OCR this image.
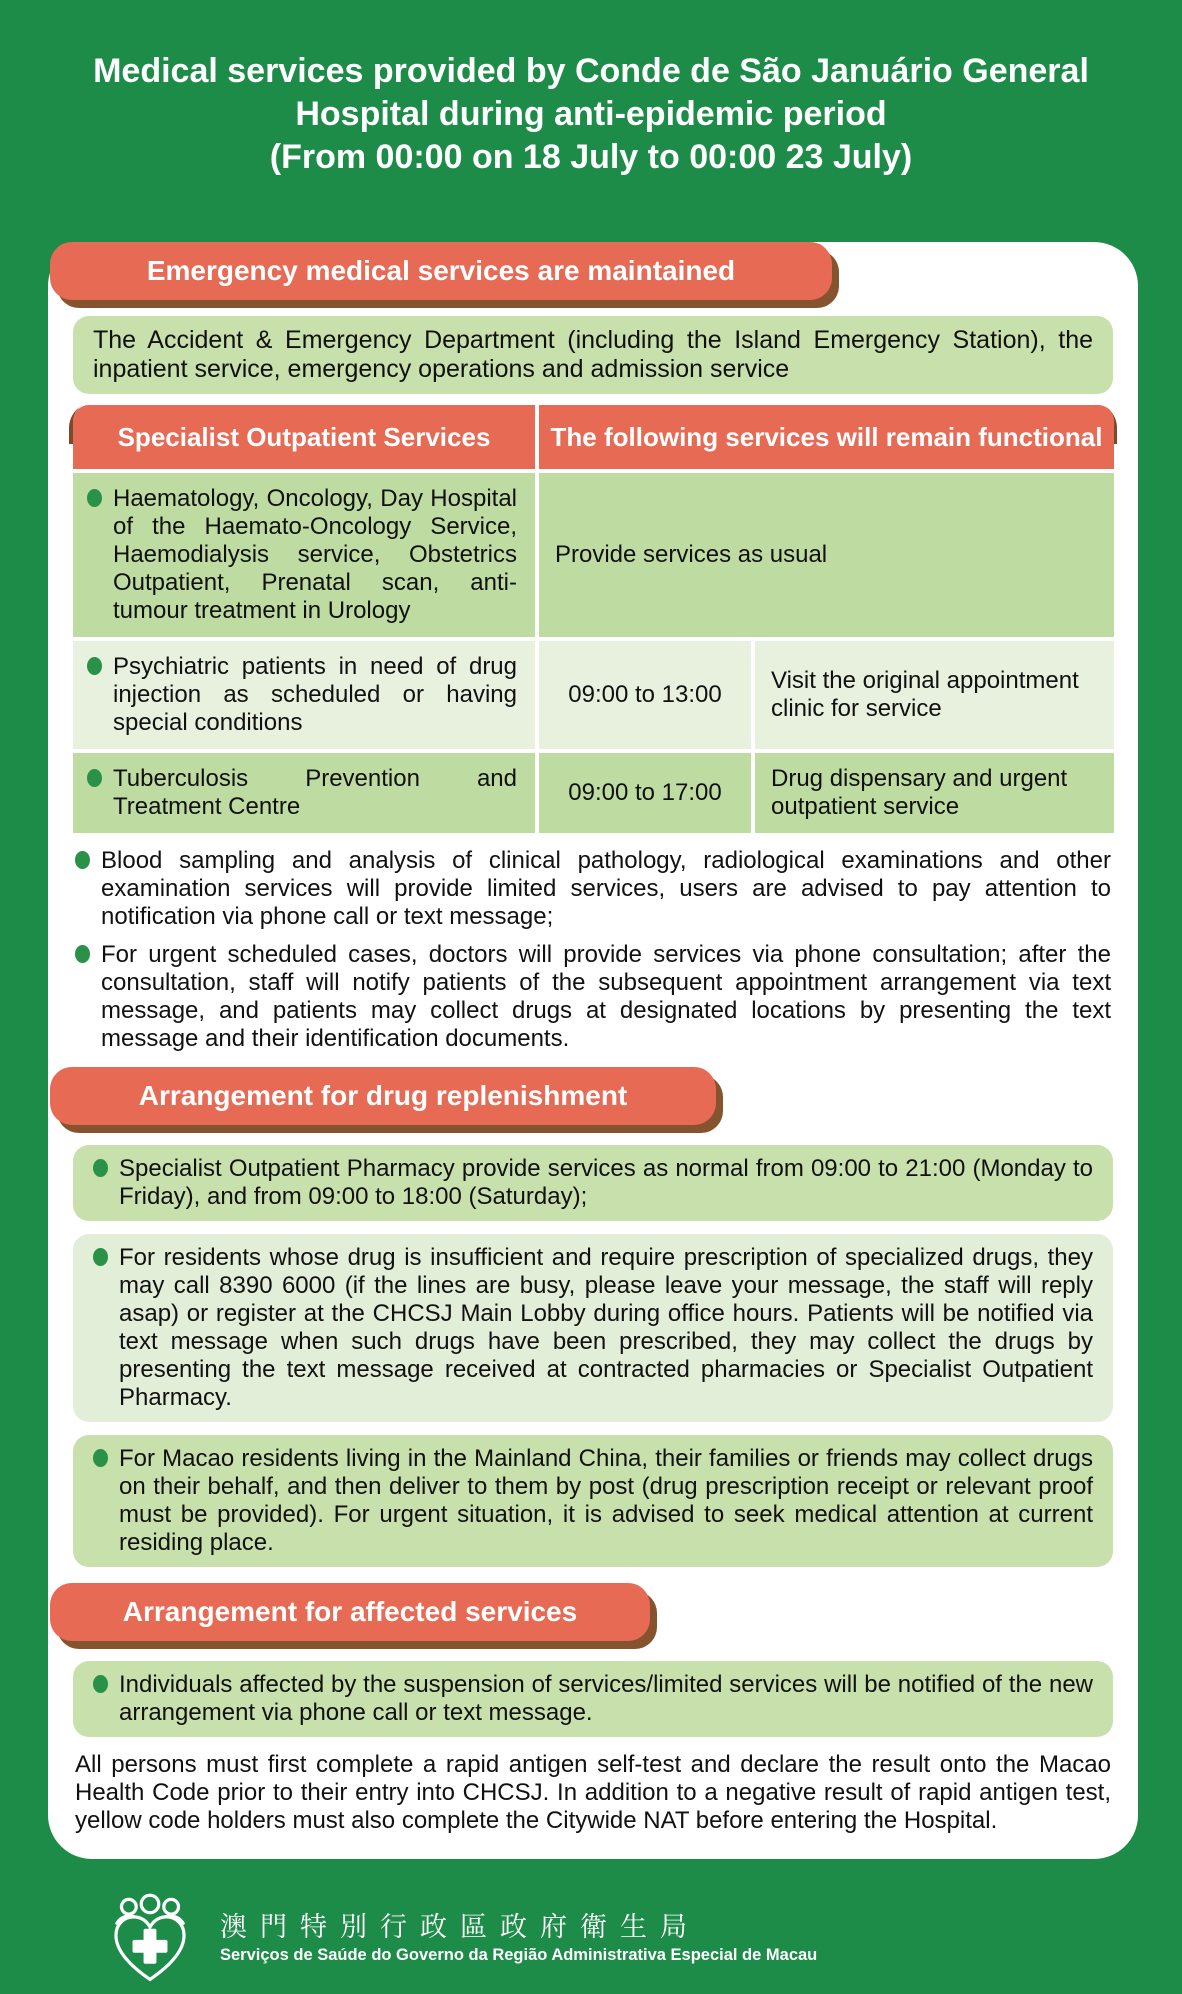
Medical services provided by Conde de São Januário General
Hospital during anti-epidemic period
(From 00:00 on 18 July to 00:00 23 July)
Emergency medical services are maintained
The Accident & Emergency Department (including the Island Emergency Station), the inpatient service, emergency operations and admission service
Specialist Outpatient Services The following services will remain functional
Haematology, Oncology, Day Hospital of the Haemato-Oncology Service, Haemodialysis service, Obstetrics Outpatient, Prenatal scan, anti-tumour treatment in Urology
Provide services as usual
Psychiatric patients in need of drug injection as scheduled or having special conditions
09:00 to 13:00
Visit the original appointment clinic for service
Tuberculosis Prevention and Treatment Centre
09:00 to 17:00
Drug dispensary and urgent outpatient service
Blood sampling and analysis of clinical pathology, radiological examinations and other examination services will provide limited services, users are advised to pay attention to notification via phone call or text message;
For urgent scheduled cases, doctors will provide services via phone consultation; after the consultation, staff will notify patients of the subsequent appointment arrangement via text message, and patients may collect drugs at designated locations by presenting the text message and their identification documents.
Arrangement for drug replenishment
Specialist Outpatient Pharmacy provide services as normal from 09:00 to 21:00 (Monday to Friday), and from 09:00 to 18:00 (Saturday);
For residents whose drug is insufficient and require prescription of specialized drugs, they may call 8390 6000 (if the lines are busy, please leave your message, the staff will reply asap) or register at the CHCSJ Main Lobby during office hours. Patients will be notified via text message when such drugs have been prescribed, they may collect the drugs by presenting the text message received at contracted pharmacies or Specialist Outpatient Pharmacy.
For Macao residents living in the Mainland China, their families or friends may collect drugs on their behalf, and then deliver to them by post (drug prescription receipt or relevant proof must be provided). For urgent situation, it is advised to seek medical attention at current residing place.
Arrangement for affected services
Individuals affected by the suspension of services/limited services will be notified of the new arrangement via phone call or text message.
All persons must first complete a rapid antigen self-test and declare the result onto the Macao Health Code prior to their entry into CHCSJ. In addition to a negative result of rapid antigen test, yellow code holders must also complete the Citywide NAT before entering the Hospital.
澳門特別行政區政府衛生局
Serviços de Saúde do Governo da Região Administrativa Especial de Macau
